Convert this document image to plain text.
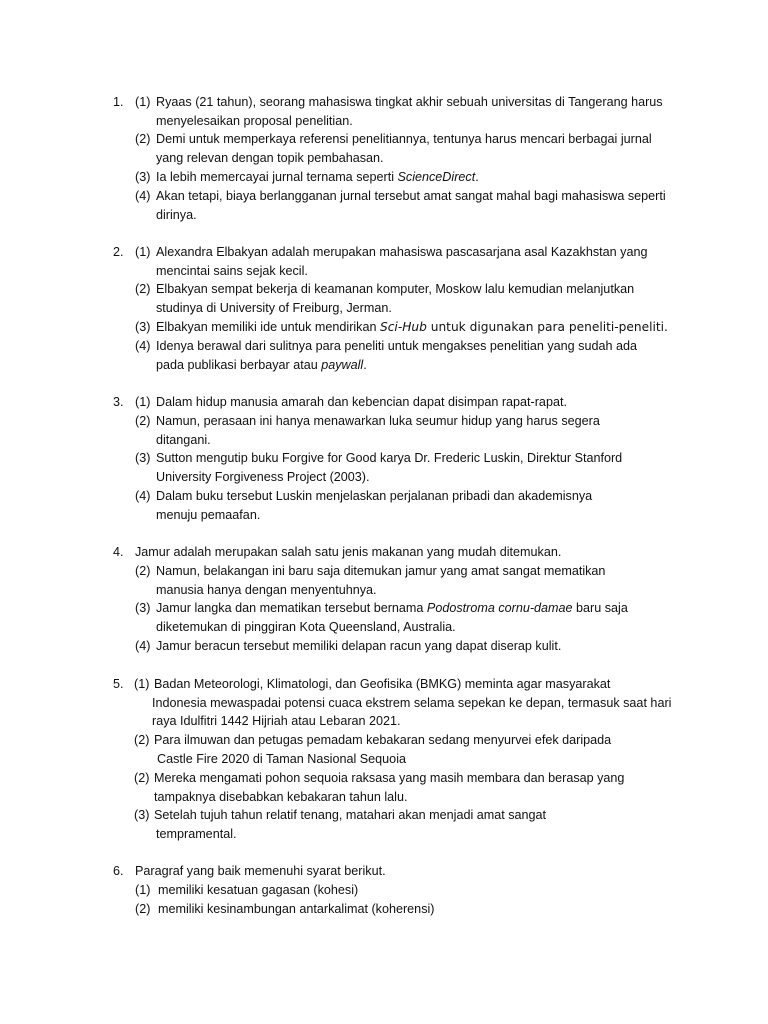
1. (1) Ryaas (21 tahun), seorang mahasiswa tingkat akhir sebuah universitas di Tangerang harus
menyelesaikan proposal penelitian.
(2) Demi untuk memperkaya referensi penelitiannya, tentunya harus mencari berbagai jurnal
yang relevan dengan topik pembahasan.
(3) Ia lebih memercayai jurnal ternama seperti ScienceDirect.
(4) Akan tetapi, biaya berlangganan jurnal tersebut amat sangat mahal bagi mahasiswa seperti
dirinya.
2. (1) Alexandra Elbakyan adalah merupakan mahasiswa pascasarjana asal Kazakhstan yang
mencintai sains sejak kecil.
(2) Elbakyan sempat bekerja di keamanan komputer, Moskow lalu kemudian melanjutkan
studinya di University of Freiburg, Jerman.
(3) Elbakyan memiliki ide untuk mendirikan Sci-Hub untuk digunakan para peneliti-peneliti.
(4) Idenya berawal dari sulitnya para peneliti untuk mengakses penelitian yang sudah ada
pada publikasi berbayar atau paywall.
3. (1) Dalam hidup manusia amarah dan kebencian dapat disimpan rapat-rapat.
(2) Namun, perasaan ini hanya menawarkan luka seumur hidup yang harus segera
ditangani.
(3) Sutton mengutip buku Forgive for Good karya Dr. Frederic Luskin, Direktur Stanford
University Forgiveness Project (2003).
(4) Dalam buku tersebut Luskin menjelaskan perjalanan pribadi dan akademisnya
menuju pemaafan.
4. Jamur adalah merupakan salah satu jenis makanan yang mudah ditemukan.
(2) Namun, belakangan ini baru saja ditemukan jamur yang amat sangat mematikan
manusia hanya dengan menyentuhnya.
(3) Jamur langka dan mematikan tersebut bernama Podostroma cornu-damae baru saja
diketemukan di pinggiran Kota Queensland, Australia.
(4) Jamur beracun tersebut memiliki delapan racun yang dapat diserap kulit.
5. (1) Badan Meteorologi, Klimatologi, dan Geofisika (BMKG) meminta agar masyarakat
Indonesia mewaspadai potensi cuaca ekstrem selama sepekan ke depan, termasuk saat hari
raya Idulfitri 1442 Hijriah atau Lebaran 2021.
(2) Para ilmuwan dan petugas pemadam kebakaran sedang menyurvei efek daripada
Castle Fire 2020 di Taman Nasional Sequoia
(2) Mereka mengamati pohon sequoia raksasa yang masih membara dan berasap yang
tampaknya disebabkan kebakaran tahun lalu.
(3) Setelah tujuh tahun relatif tenang, matahari akan menjadi amat sangat
tempramental.
6. Paragraf yang baik memenuhi syarat berikut.
(1) memiliki kesatuan gagasan (kohesi)
(2) memiliki kesinambungan antarkalimat (koherensi)
